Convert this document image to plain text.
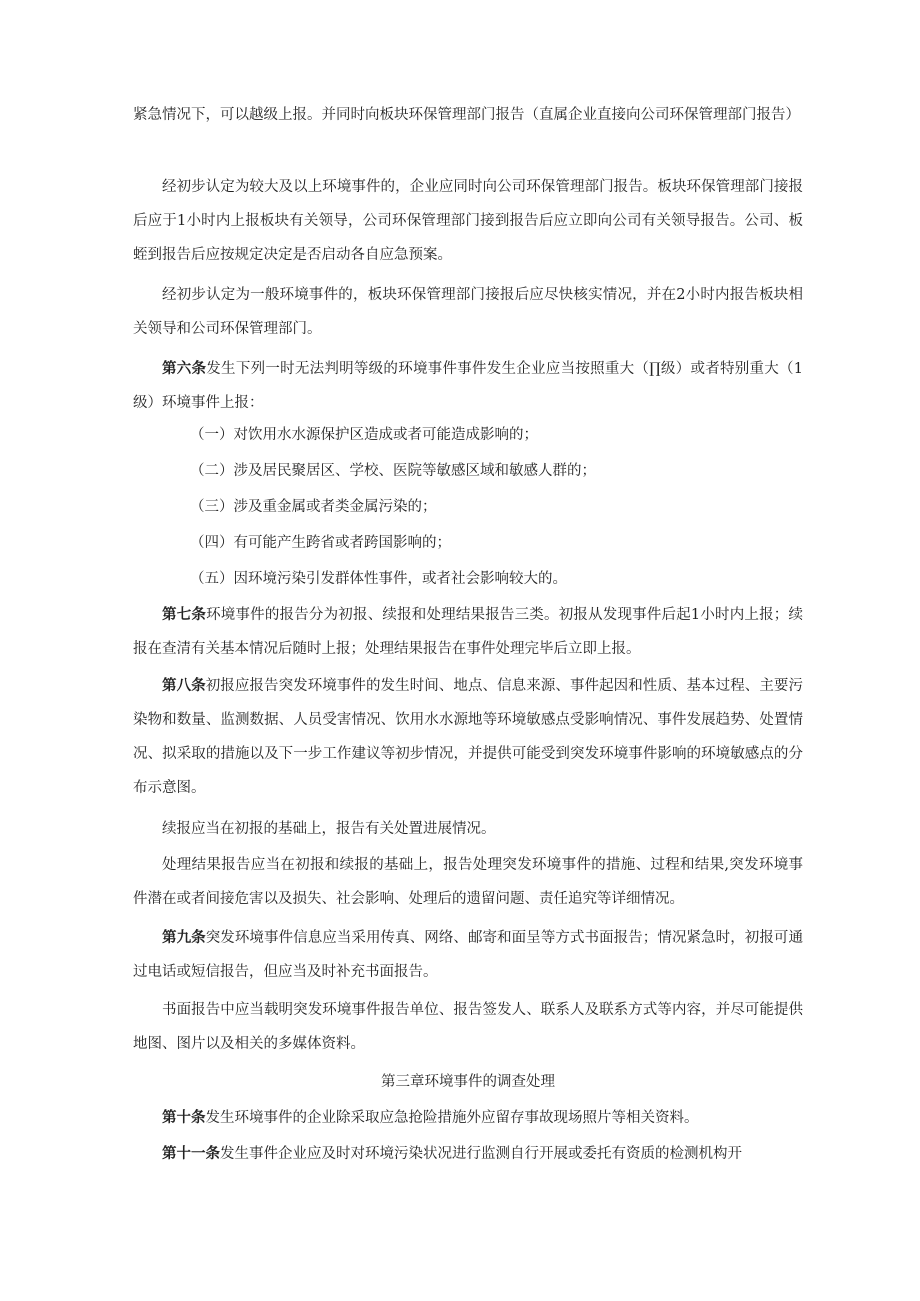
紧急情况下，可以越级上报。并同时向板块环保管理部门报告（直属企业直接向公司环保管理部门报告）

经初步认定为较大及以上环境事件的，企业应同时向公司环保管理部门报告。板块环保管理部门接报后应于1小时内上报板块有关领导，公司环保管理部门接到报告后应立即向公司有关领导报告。公司、板蛭到报告后应按规定决定是否启动各自应急预案。

经初步认定为一般环境事件的，板块环保管理部门接报后应尽快核实情况，并在2小时内报告板块相关领导和公司环保管理部门。

第六条发生下列一时无法判明等级的环境事件事件发生企业应当按照重大（∏级）或者特别重大（1级）环境事件上报：

（一）对饮用水水源保护区造成或者可能造成影响的；

（二）涉及居民聚居区、学校、医院等敏感区域和敏感人群的；

（三）涉及重金属或者类金属污染的；

（四）有可能产生跨省或者跨国影响的；

（五）因环境污染引发群体性事件，或者社会影响较大的。

第七条环境事件的报告分为初报、续报和处理结果报告三类。初报从发现事件后起1小时内上报；续报在查清有关基本情况后随时上报；处理结果报告在事件处理完毕后立即上报。

第八条初报应报告突发环境事件的发生时间、地点、信息来源、事件起因和性质、基本过程、主要污染物和数量、监测数据、人员受害情况、饮用水水源地等环境敏感点受影响情况、事件发展趋势、处置情况、拟采取的措施以及下一步工作建议等初步情况，并提供可能受到突发环境事件影响的环境敏感点的分布示意图。

续报应当在初报的基础上，报告有关处置进展情况。

处理结果报告应当在初报和续报的基础上，报告处理突发环境事件的措施、过程和结果,突发环境事件潜在或者间接危害以及损失、社会影响、处理后的遗留问题、责任追究等详细情况。

第九条突发环境事件信息应当采用传真、网络、邮寄和面呈等方式书面报告；情况紧急时，初报可通过电话或短信报告，但应当及时补充书面报告。

书面报告中应当载明突发环境事件报告单位、报告签发人、联系人及联系方式等内容，并尽可能提供地图、图片以及相关的多媒体资料。

第三章环境事件的调查处理

第十条发生环境事件的企业除采取应急抢险措施外应留存事故现场照片等相关资料。

第十一条发生事件企业应及时对环境污染状况进行监测自行开展或委托有资质的检测机构开
